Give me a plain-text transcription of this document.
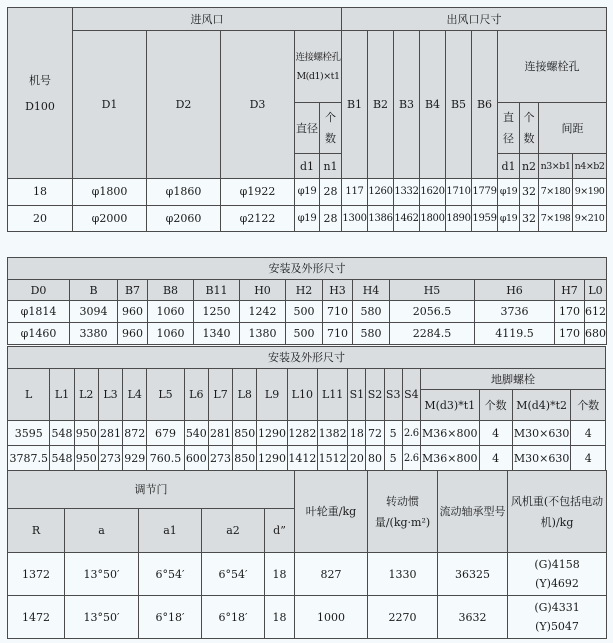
机号

D100	进风口					出风口尺寸									
	D1	D2	D3	连接螺栓孔M(d1)×t1		B1	B2	B3	B4	B5	B6	连接螺栓孔			
				直径	个数							直径	个数	间距	
				d1	n1							d1	n2	n3×b1	n4×b2
18	φ1800	φ1860	φ1922	φ19	28	117	1260	1332	1620	1710	1779	φ19	32	7×180	9×190
20	φ2000	φ2060	φ2122	φ19	28	1300	1386	1462	1800	1890	1959	φ19	32	7×198	9×210
安装及外形尺寸												
D0	B	B7	B8	B11	H0	H2	H3	H4	H5	H6	H7	L0
φ1814	3094	960	1060	1250	1242	500	710	580	2056.5	3736	170	612
φ1460	3380	960	1060	1340	1380	500	710	580	2284.5	4119.5	170	680
安装及外形尺寸																			
L	L1	L2	L3	L4	L5	L6	L7	L8	L9	L10	L11	S1	S2	S3	S4	地脚螺栓			
																M(d3)*t1	个数	M(d4)*t2	个数
3595	548	950	281	872	679	540	281	850	1290	1282	1382	18	72	5	2.6	M36×800	4	M30×630	4
3787.5	548	950	273	929	760.5	600	273	850	1290	1412	1512	20	80	5	2.6	M36×800	4	M30×630	4
调节门					叶轮重/kg	转动惯量/(kg·m²)	流动轴承型号	风机重(不包括电动机)/kg
R	a	a1	a2	d”				
1372	13°50′	6°54′	6°54′	18	827	1330	36325	(G)4158
(Y)4692
1472	13°50′	6°18′	6°18′	18	1000	2270	3632	(G)4331
(Y)5047
